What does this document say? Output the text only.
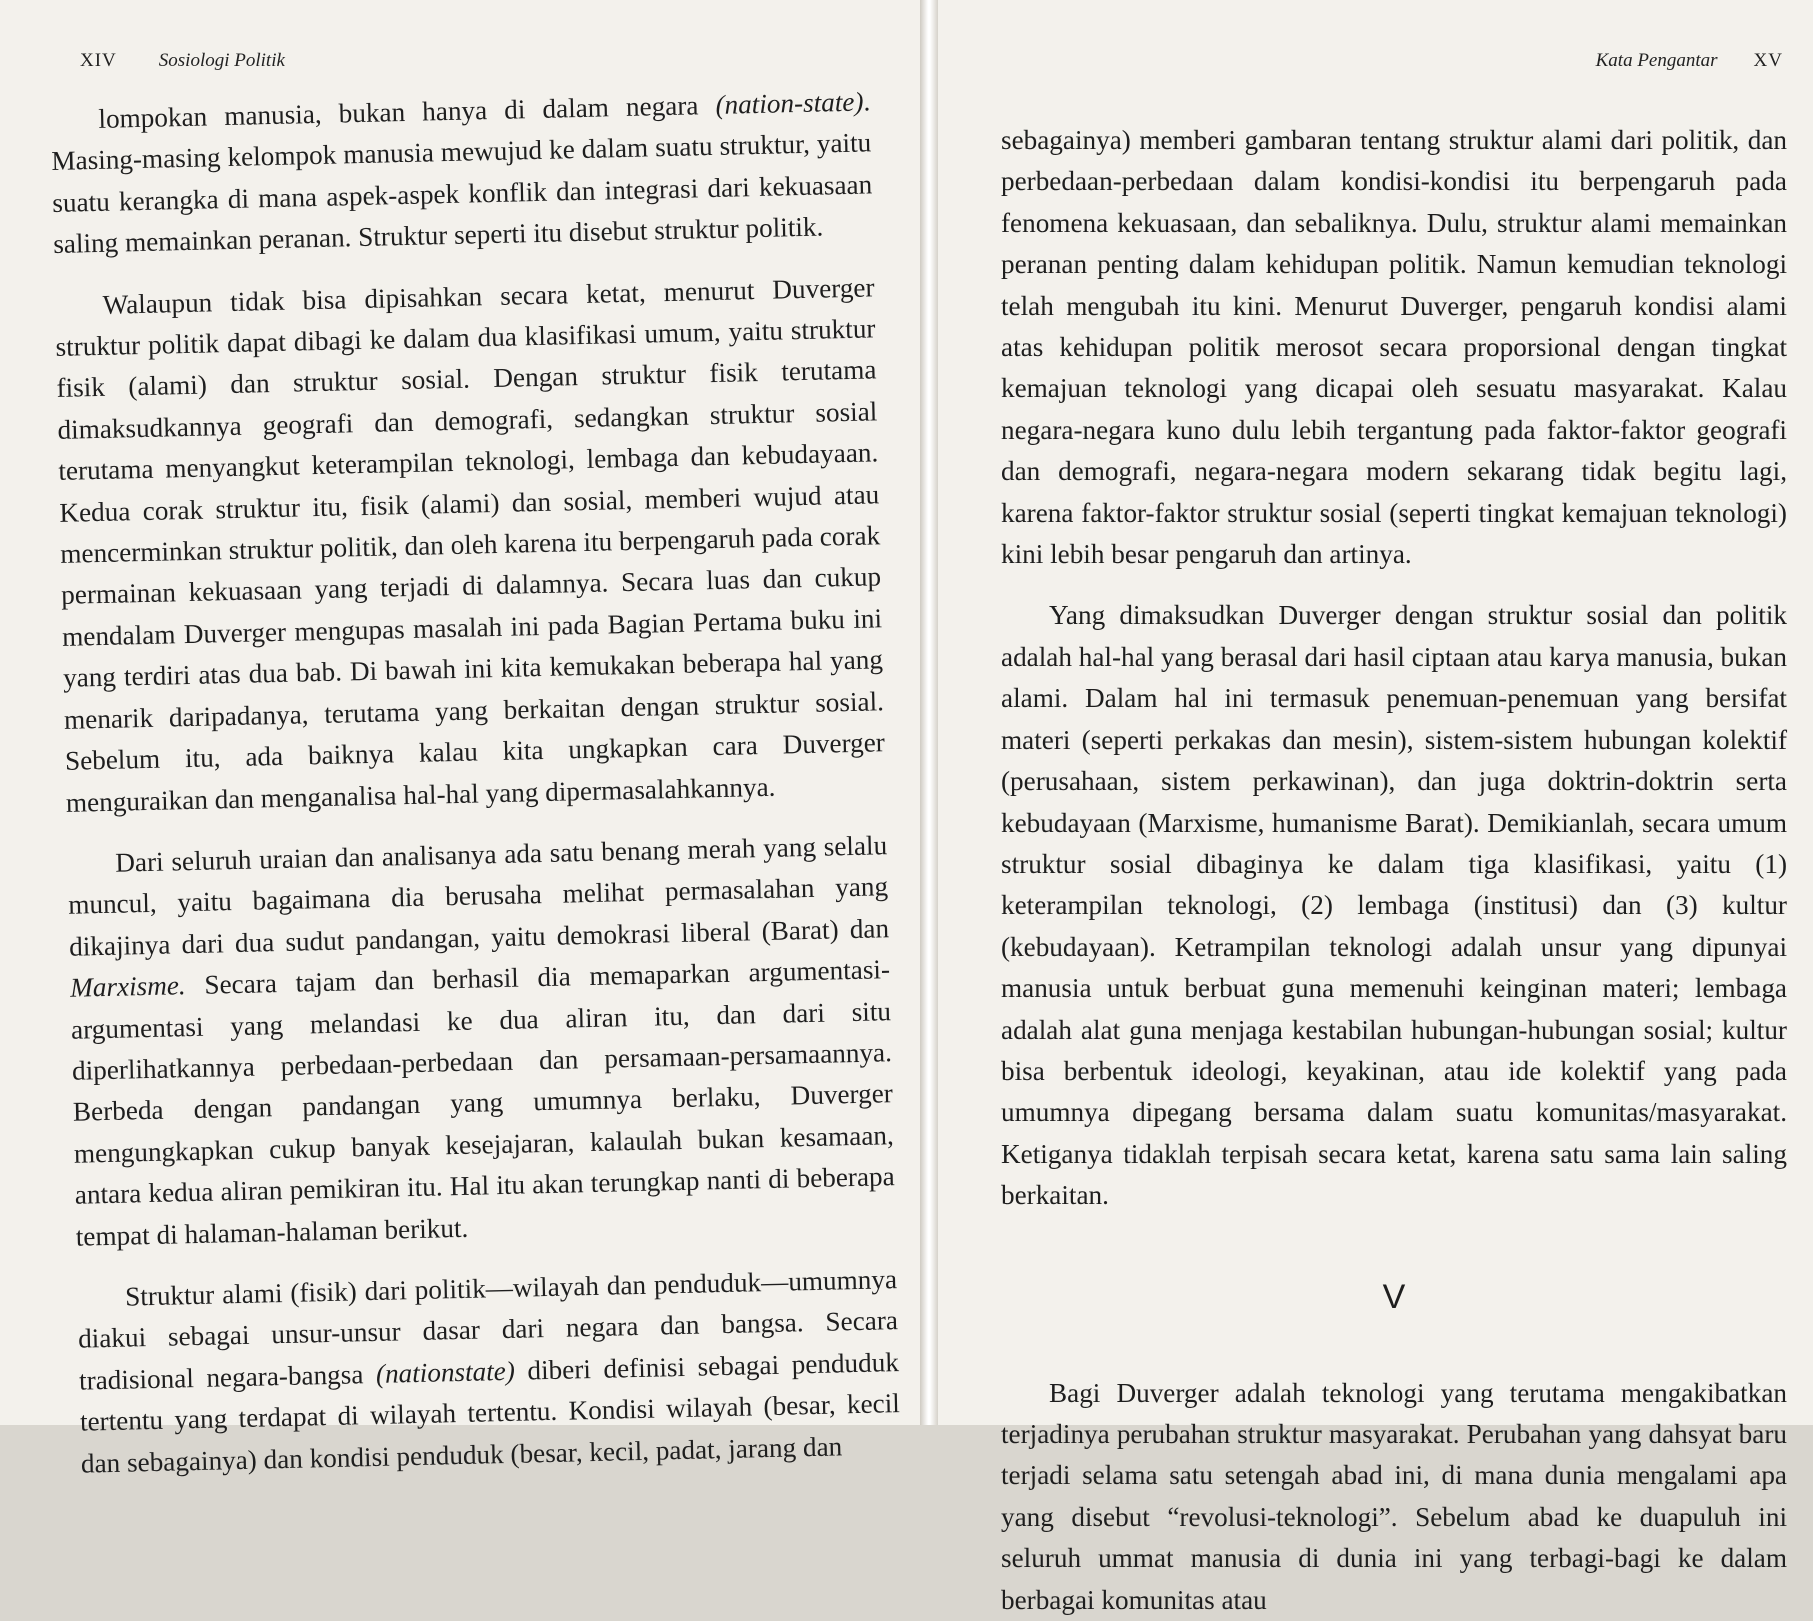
XIV Sosiologi Politik

lompokan manusia, bukan hanya di dalam negara (nation-state). Masing-masing kelompok manusia mewujud ke dalam suatu struktur, yaitu suatu kerangka di mana aspek-aspek konflik dan integrasi dari kekuasaan saling memainkan peranan. Struktur seperti itu disebut struktur politik.

Walaupun tidak bisa dipisahkan secara ketat, menurut Duverger struktur politik dapat dibagi ke dalam dua klasifikasi umum, yaitu struktur fisik (alami) dan struktur sosial. Dengan struktur fisik terutama dimaksudkannya geografi dan demografi, sedangkan struktur sosial terutama menyangkut keterampilan teknologi, lembaga dan kebudayaan. Kedua corak struktur itu, fisik (alami) dan sosial, memberi wujud atau mencerminkan struktur politik, dan oleh karena itu berpengaruh pada corak permainan kekuasaan yang terjadi di dalamnya. Secara luas dan cukup mendalam Duverger mengupas masalah ini pada Bagian Pertama buku ini yang terdiri atas dua bab. Di bawah ini kita kemukakan beberapa hal yang menarik daripadanya, terutama yang berkaitan dengan struktur sosial. Sebelum itu, ada baiknya kalau kita ungkapkan cara Duverger menguraikan dan menganalisa hal-hal yang dipermasalahkannya.

Dari seluruh uraian dan analisanya ada satu benang merah yang selalu muncul, yaitu bagaimana dia berusaha melihat permasalahan yang dikajinya dari dua sudut pandangan, yaitu demokrasi liberal (Barat) dan Marxisme. Secara tajam dan berhasil dia memaparkan argumentasi-argumentasi yang melandasi ke dua aliran itu, dan dari situ diperlihatkannya perbedaan-perbedaan dan persamaan-persamaannya. Berbeda dengan pandangan yang umumnya berlaku, Duverger mengungkapkan cukup banyak kesejajaran, kalaulah bukan kesamaan, antara kedua aliran pemikiran itu. Hal itu akan terungkap nanti di beberapa tempat di halaman-halaman berikut.

Struktur alami (fisik) dari politik—wilayah dan penduduk—umumnya diakui sebagai unsur-unsur dasar dari negara dan bangsa. Secara tradisional negara-bangsa (nationstate) diberi definisi sebagai penduduk tertentu yang terdapat di wilayah tertentu. Kondisi wilayah (besar, kecil dan sebagainya) dan kondisi penduduk (besar, kecil, padat, jarang dan

Kata Pengantar XV

sebagainya) memberi gambaran tentang struktur alami dari politik, dan perbedaan-perbedaan dalam kondisi-kondisi itu berpengaruh pada fenomena kekuasaan, dan sebaliknya. Dulu, struktur alami memainkan peranan penting dalam kehidupan politik. Namun kemudian teknologi telah mengubah itu kini. Menurut Duverger, pengaruh kondisi alami atas kehidupan politik merosot secara proporsional dengan tingkat kemajuan teknologi yang dicapai oleh sesuatu masyarakat. Kalau negara-negara kuno dulu lebih tergantung pada faktor-faktor geografi dan demografi, negara-negara modern sekarang tidak begitu lagi, karena faktor-faktor struktur sosial (seperti tingkat kemajuan teknologi) kini lebih besar pengaruh dan artinya.

Yang dimaksudkan Duverger dengan struktur sosial dan politik adalah hal-hal yang berasal dari hasil ciptaan atau karya manusia, bukan alami. Dalam hal ini termasuk penemuan-penemuan yang bersifat materi (seperti perkakas dan mesin), sistem-sistem hubungan kolektif (perusahaan, sistem perkawinan), dan juga doktrin-doktrin serta kebudayaan (Marxisme, humanisme Barat). Demikianlah, secara umum struktur sosial dibaginya ke dalam tiga klasifikasi, yaitu (1) keterampilan teknologi, (2) lembaga (institusi) dan (3) kultur (kebudayaan). Ketrampilan teknologi adalah unsur yang dipunyai manusia untuk berbuat guna memenuhi keinginan materi; lembaga adalah alat guna menjaga kestabilan hubungan-hubungan sosial; kultur bisa berbentuk ideologi, keyakinan, atau ide kolektif yang pada umumnya dipegang bersama dalam suatu komunitas/masyarakat. Ketiganya tidaklah terpisah secara ketat, karena satu sama lain saling berkaitan.

V

Bagi Duverger adalah teknologi yang terutama mengakibatkan terjadinya perubahan struktur masyarakat. Perubahan yang dahsyat baru terjadi selama satu setengah abad ini, di mana dunia mengalami apa yang disebut “revolusi-teknologi”. Sebelum abad ke duapuluh ini seluruh ummat manusia di dunia ini yang terbagi-bagi ke dalam berbagai komunitas atau
